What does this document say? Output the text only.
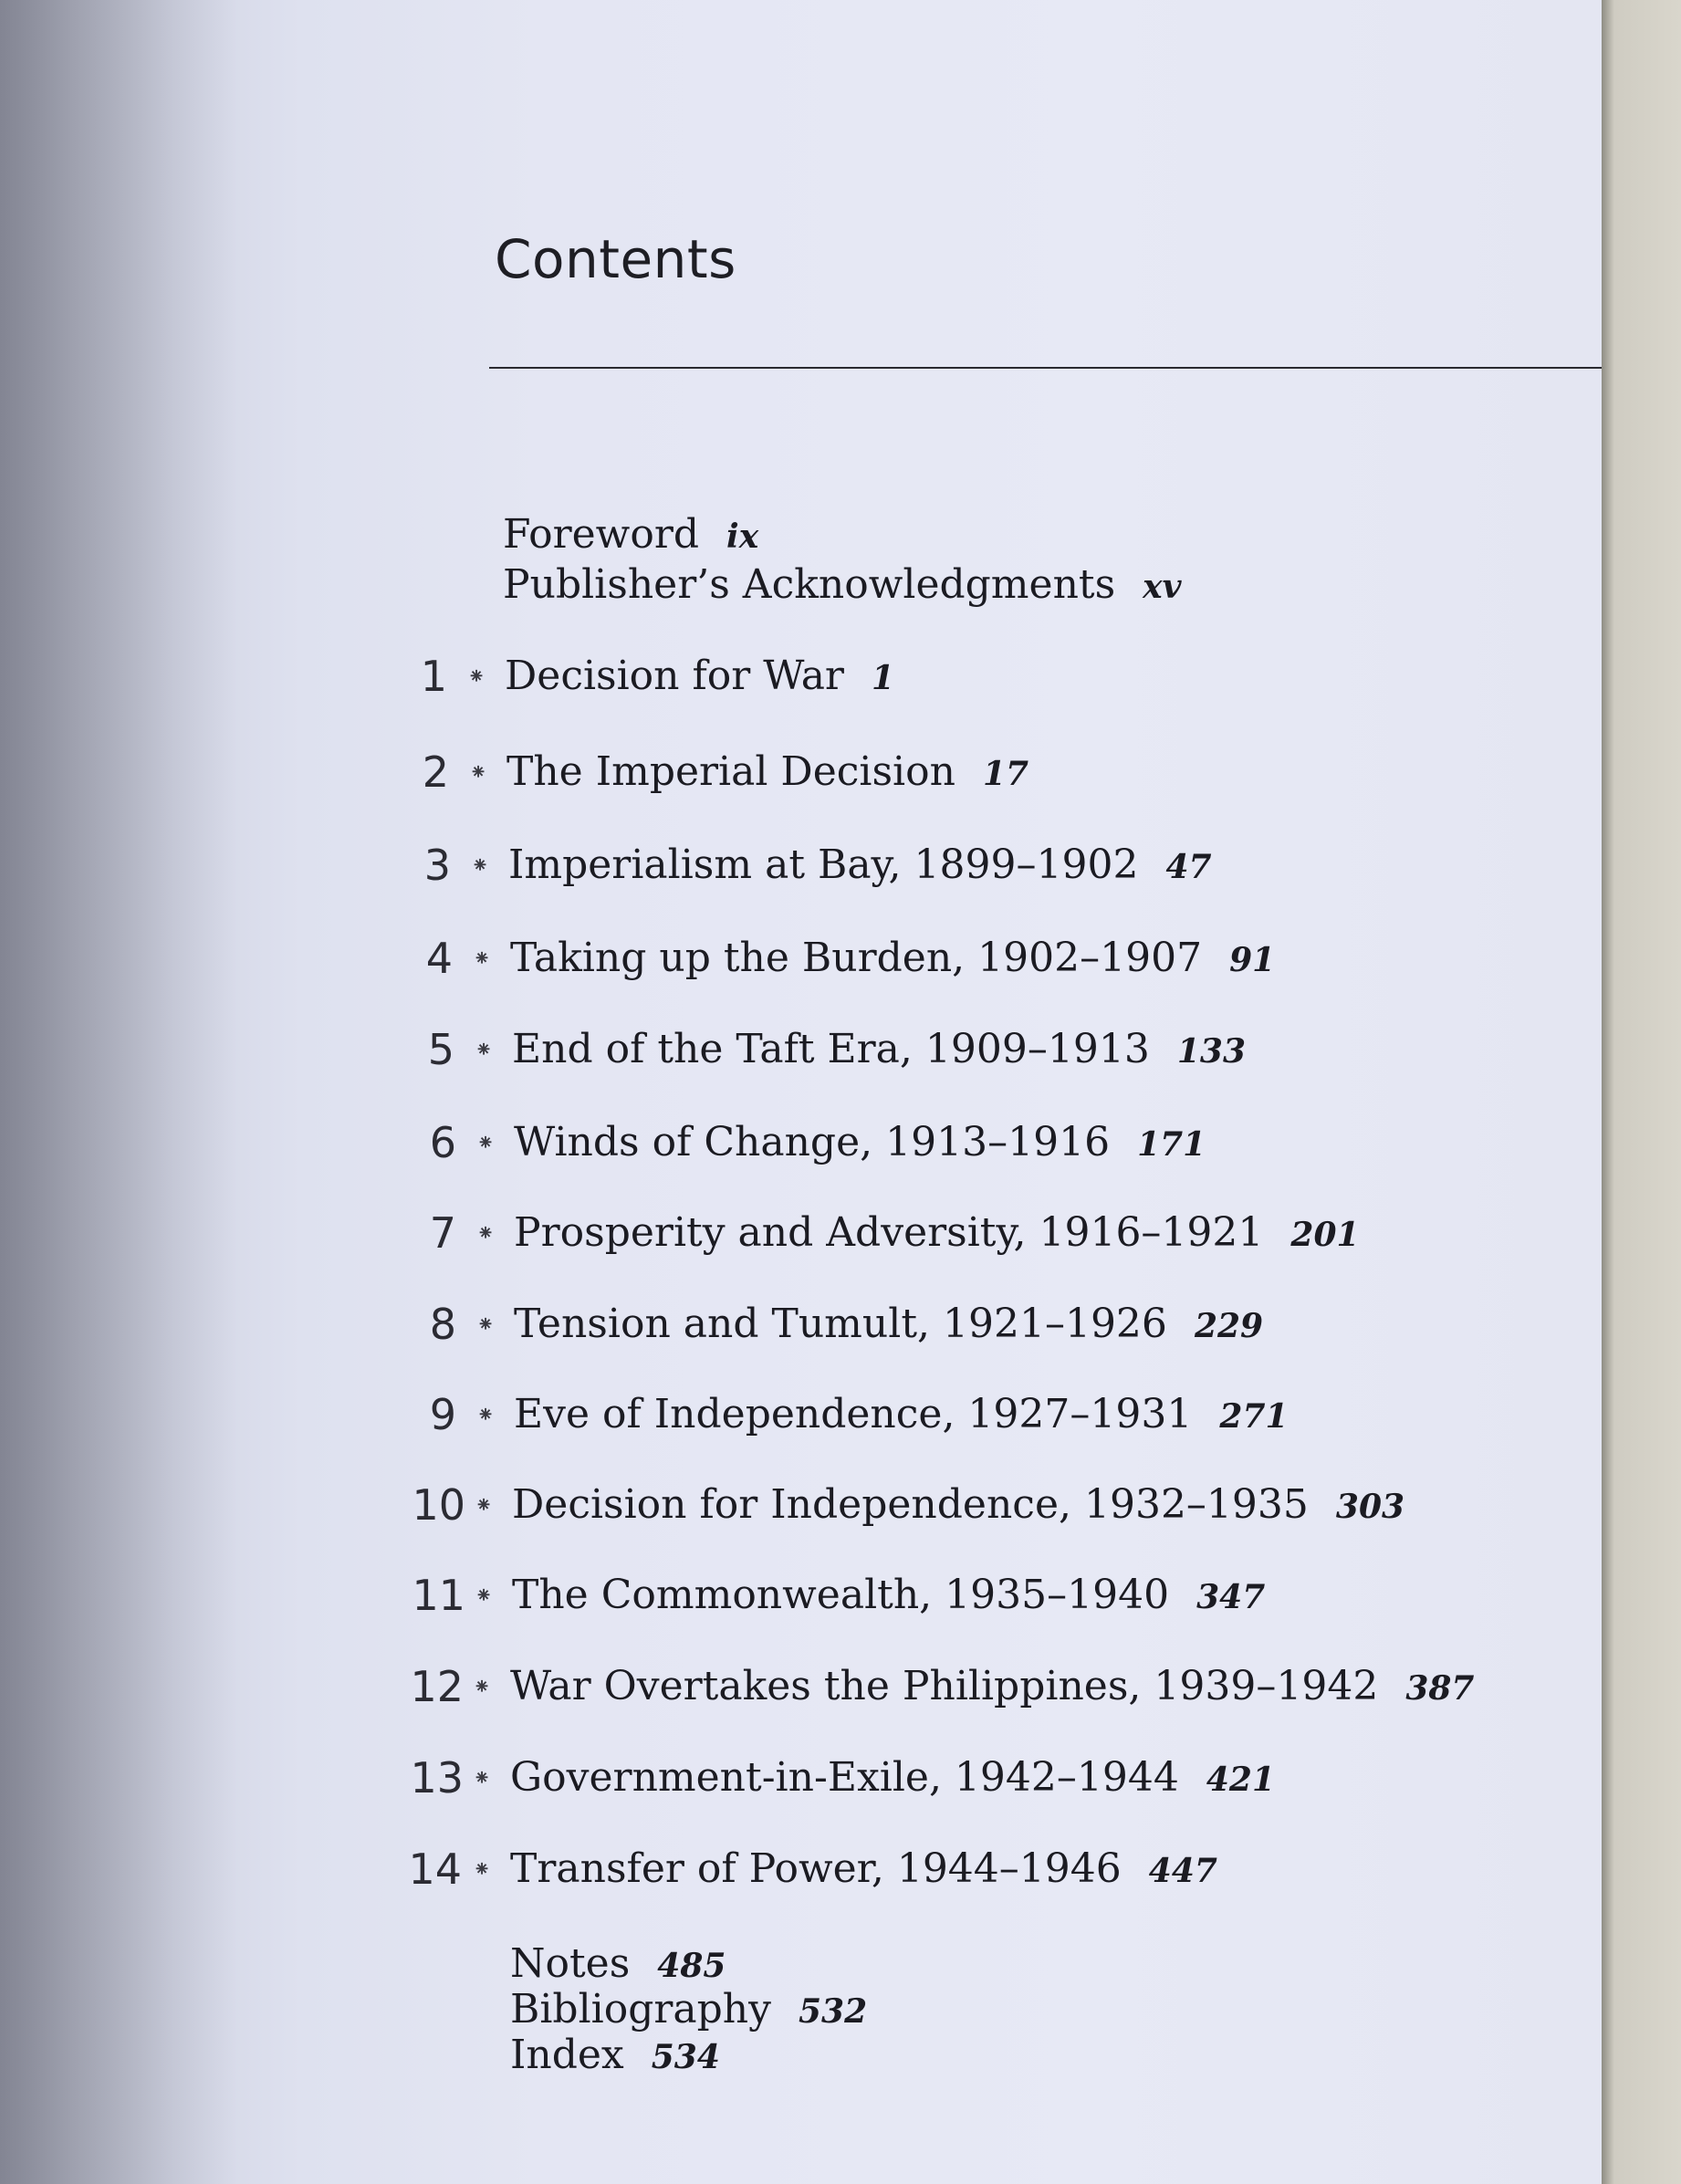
Contents
Foreword ix
Publisher’s Acknowledgments xv
1 ⁕ Decision for War 1
2 ⁕ The Imperial Decision 17
3 ⁕ Imperialism at Bay, 1899–1902 47
4 ⁕ Taking up the Burden, 1902–1907 91
5 ⁕ End of the Taft Era, 1909–1913 133
6 ⁕ Winds of Change, 1913–1916 171
7 ⁕ Prosperity and Adversity, 1916–1921 201
8 ⁕ Tension and Tumult, 1921–1926 229
9 ⁕ Eve of Independence, 1927–1931 271
10 ⁕ Decision for Independence, 1932–1935 303
11 ⁕ The Commonwealth, 1935–1940 347
12 ⁕ War Overtakes the Philippines, 1939–1942 387
13 ⁕ Government-in-Exile, 1942–1944 421
14 ⁕ Transfer of Power, 1944–1946 447
Notes 485
Bibliography 532
Index 534
